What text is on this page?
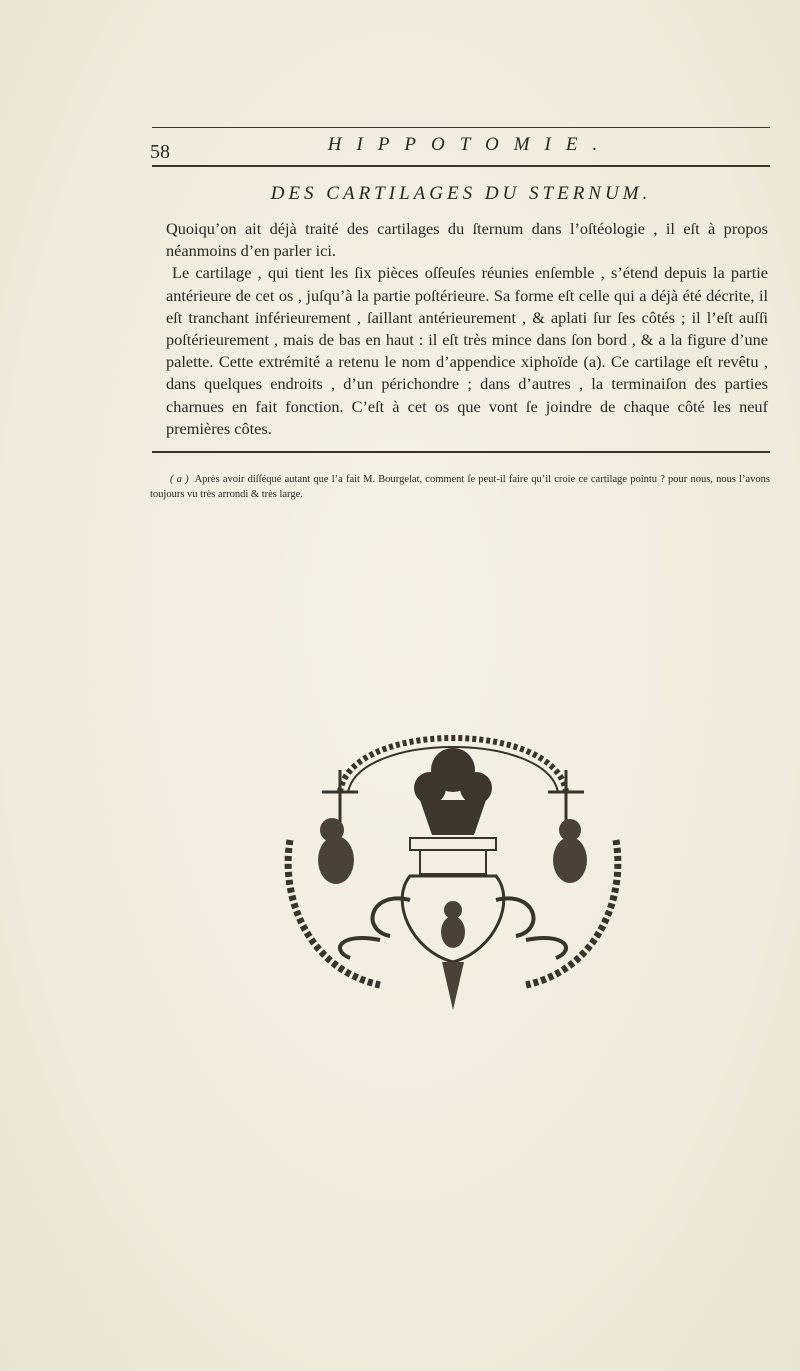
58	HIPPOTOMIE.
DES CARTILAGES DU STERNUM.

Quoiqu’on ait déjà traité des cartilages du ſternum dans l’oſtéologie , il eſt à propos néanmoins d’en parler ici.

Le cartilage , qui tient les ſix pièces oſſeuſes réunies enſemble , s’étend depuis la partie antérieure de cet os , juſqu’à la partie poſtérieure. Sa forme eſt celle qui a déjà été décrite, il eſt tranchant inférieurement , ſaillant antérieurement , & aplati ſur ſes côtés ; il l’eſt auſſi poſtérieurement , mais de bas en haut : il eſt très mince dans ſon bord , & a la figure d’une palette. Cette extrémité a retenu le nom d’appendice xiphoïde (a). Ce cartilage eſt revêtu , dans quelques endroits , d’un périchondre ; dans d’autres , la terminaiſon des parties charnues en fait fonction. C’eſt à cet os que vont ſe joindre de chaque côté les neuf premières côtes.

( a ) Après avoir diſſéqué autant que l’a fait M. Bourgelat, comment ſe peut-il faire qu’il croie ce cartilage pointu ? pour nous, nous l’avons toujours vu très arrondi & très large.
